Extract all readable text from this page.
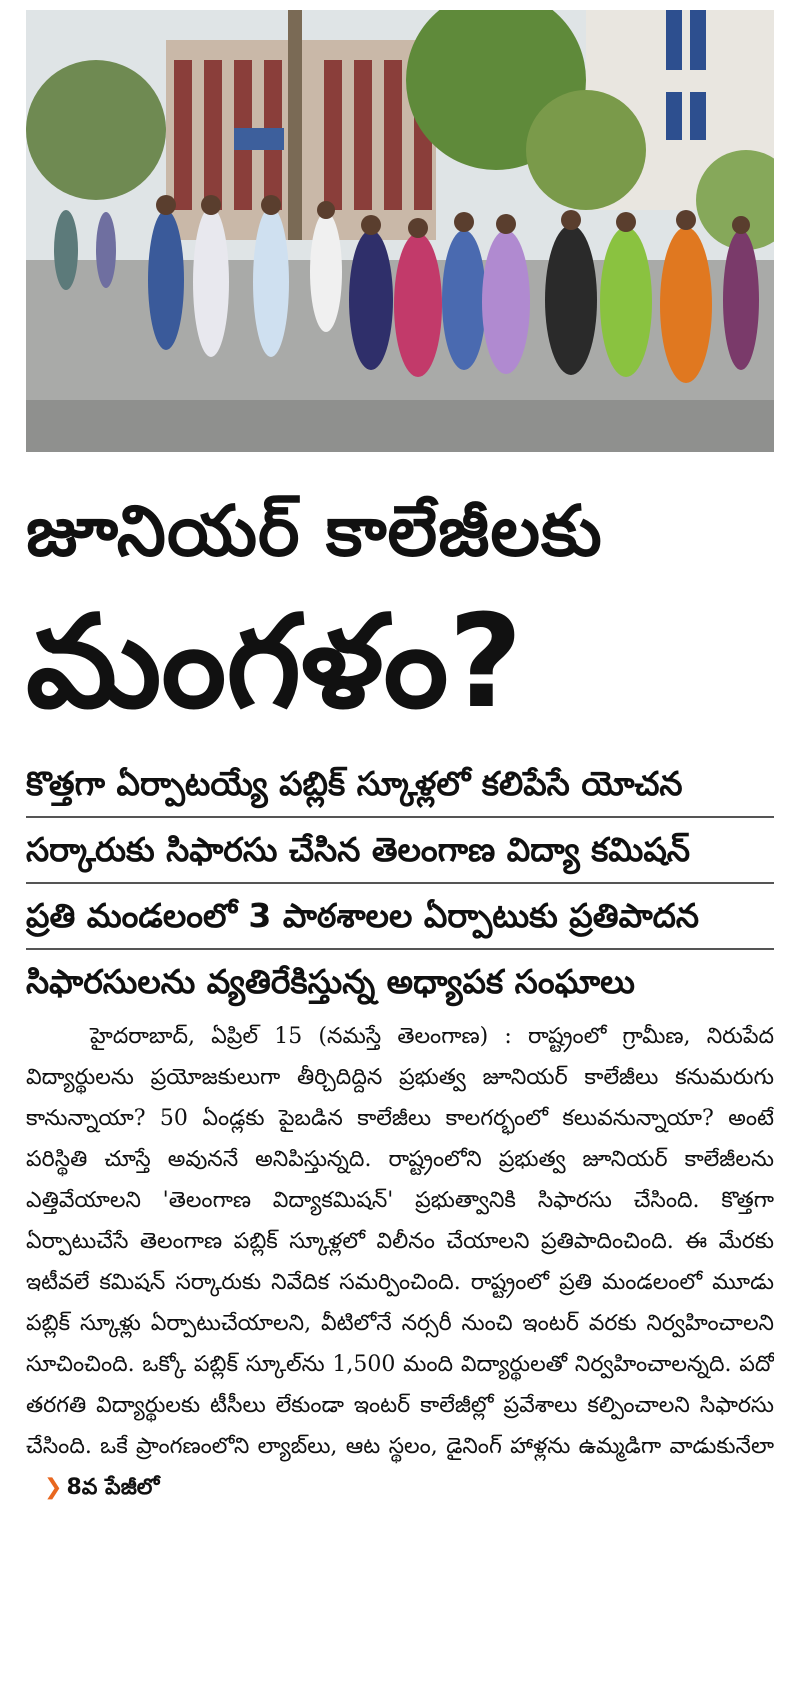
జూనియర్ కాలేజీలకు
మంగళం?
కొత్తగా ఏర్పాటయ్యే పబ్లిక్ స్కూళ్లలో కలిపేసే యోచన
సర్కారుకు సిఫారసు చేసిన తెలంగాణ విద్యా కమిషన్
ప్రతి మండలంలో 3 పాఠశాలల ఏర్పాటుకు ప్రతిపాదన
సిఫారసులను వ్యతిరేకిస్తున్న అధ్యాపక సంఘాలు
హైదరాబాద్, ఏప్రిల్ 15 (నమస్తే తెలంగాణ) : రాష్ట్రంలో గ్రామీణ, నిరుపేద విద్యార్థులను ప్రయోజకులుగా తీర్చిదిద్దిన ప్రభుత్వ జూనియర్ కాలేజీలు కనుమరుగు కానున్నాయా? 50 ఏండ్లకు పైబడిన కాలేజీలు కాలగర్భంలో కలువనున్నాయా? అంటే పరిస్థితి చూస్తే అవుననే అనిపిస్తున్నది. రాష్ట్రంలోని ప్రభుత్వ జూనియర్ కాలేజీలను ఎత్తివేయాలని 'తెలంగాణ విద్యాకమిషన్' ప్రభుత్వానికి సిఫారసు చేసింది. కొత్తగా ఏర్పాటుచేసే తెలంగాణ పబ్లిక్ స్కూళ్లలో విలీనం చేయాలని ప్రతిపాదించింది. ఈ మేరకు ఇటీవలే కమిషన్ సర్కారుకు నివేదిక సమర్పించింది. రాష్ట్రంలో ప్రతి మండలంలో మూడు పబ్లిక్ స్కూళ్లు ఏర్పాటుచేయాలని, వీటిలోనే నర్సరీ నుంచి ఇంటర్ వరకు నిర్వహించాలని సూచించింది. ఒక్కో పబ్లిక్ స్కూల్‌ను 1,500 మంది విద్యార్థులతో నిర్వహించాలన్నది. పదో తరగతి విద్యార్థులకు టీసీలు లేకుండా ఇంటర్ కాలేజీల్లో ప్రవేశాలు కల్పించాలని సిఫారసు చేసింది. ఒకే ప్రాంగణంలోని ల్యాబ్‌లు, ఆట స్థలం, డైనింగ్ హాళ్లను ఉమ్మడిగా వాడుకునేలా ❯ 8వ పేజీలో
